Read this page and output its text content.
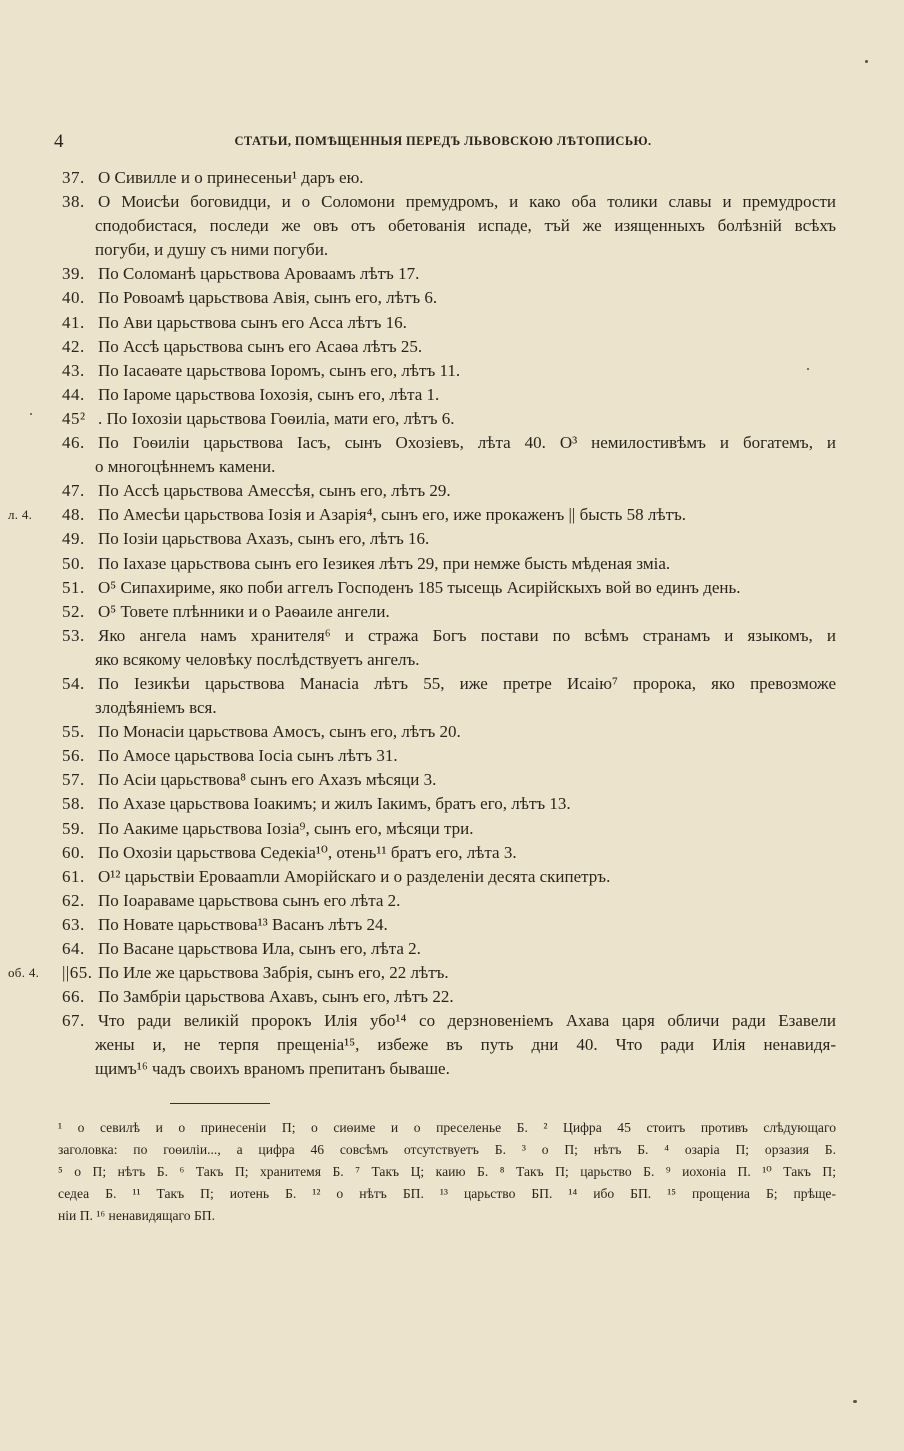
4	СТАТЬИ, ПОМѢЩЕННЫЯ ПЕРЕДЪ ЛЬВОВСКОЮ ЛѢТОПИСЬЮ.
37. О Сивилле и о принесеньи¹ даръ ею.
38. О Моисѣи боговидци, и о Соломони премудромъ, и како оба толики славы и премудрости
сподобистася, последи же овъ отъ обетованія испаде, тъй же изященныхъ болѣзній всѣхъ
погуби, и душу съ ними погуби.
39. По Соломанѣ царьствова Ароваамъ лѣтъ 17.
40. По Ровоамѣ царьствова Авія, сынъ его, лѣтъ 6.
41. По Ави царьствова сынъ его Асса лѣтъ 16.
42. По Ассѣ царьствова сынъ его Асаѳа лѣтъ 25.
43. По Іасаѳате царьствова Іоромъ, сынъ его, лѣтъ 11.
44. По Іароме царьствова Іохозія, сынъ его, лѣта 1.
45² . По Іохозіи царьствова Гоѳиліа, мати его, лѣтъ 6.
46. По Гоѳиліи царьствова Іасъ, сынъ Охозіевъ, лѣта 40. О³ немилостивѣмъ и богатемъ, и
о многоцѣннемъ камени.
47. По Ассѣ царьствова Амессѣя, сынъ его, лѣтъ 29.
л. 4.	48. По Амесѣи царьствова Іозія и Азарія⁴, сынъ его, иже прокаженъ || бысть 58 лѣтъ.
49. По Іозіи царьствова Ахазъ, сынъ его, лѣтъ 16.
50. По Іахазе царьствова сынъ его Іезикея лѣтъ 29, при немже бысть мѣденая зміа.
51. О⁵ Сипахириме, яко поби аггелъ Господенъ 185 тысещь Асирійскыхъ вой во единъ день.
52. О⁵ Товете плѣнники и о Раѳаиле ангели.
53. Яко ангела намъ хранителя⁶ и стража Богъ постави по всѣмъ странамъ и языкомъ, и
яко всякому человѣку послѣдствуетъ ангелъ.
54. По Іезикѣи царьствова Манасіа лѣтъ 55, иже претре Исаію⁷ пророка, яко превозможе
злодѣяніемъ вся.
55. По Монасіи царьствова Амосъ, сынъ его, лѣтъ 20.
56. По Амосе царьствова Іосіа сынъ лѣтъ 31.
57. По Асіи царьствова⁸ сынъ его Ахазъ мѣсяци 3.
58. По Ахазе царьствова Іоакимъ; и жилъ Іакимъ, братъ его, лѣтъ 13.
59. По Аакиме царьствова Іозіа⁹, сынъ его, мѣсяци три.
60. По Охозіи царьствова Седекіа¹⁰, отень¹¹ братъ его, лѣта 3.
61. О¹² царьствіи Еровааmли Аморійскаго и о разделеніи десята скипетръ.
62. По Іоараваме царьствова сынъ его лѣта 2.
63. По Новате царьствова¹³ Васанъ лѣтъ 24.
64. По Васане царьствова Ила, сынъ его, лѣта 2.
об. 4.	||65. По Иле же царьствова Забрія, сынъ его, 22 лѣтъ.
66. По Замбріи царьствова Ахавъ, сынъ его, лѣтъ 22.
67. Что ради великій пророкъ Илія убо¹⁴ со дерзновеніемъ Ахава царя обличи ради Езавели
жены и, не терпя прещеніа¹⁵, избеже въ путь дни 40. Что ради Илія ненавидя-
щимъ¹⁶ чадъ своихъ враномъ препитанъ бываше.
¹ о севилѣ и о принесеніи П; о сиѳиме и о преселенье Б. ² Цифра 45 стоитъ противъ слѣдующаго
заголовка: по гоѳиліи..., а цифра 46 совсѣмъ отсутствуетъ Б. ³ о П; нѣтъ Б. ⁴ озаріа П; орзазия Б.
⁵ о П; нѣтъ Б. ⁶ Такъ П; хранитемя Б. ⁷ Такъ Ц; каию Б. ⁸ Такъ П; царьство Б. ⁹ иохоніа П. ¹⁰ Такъ П;
седеа Б. ¹¹ Такъ П; иотень Б. ¹² о нѣтъ БП. ¹³ царьство БП. ¹⁴ ибо БП. ¹⁵ прощениа Б; прѣще-
ніи П. ¹⁶ ненавидящаго БП.
